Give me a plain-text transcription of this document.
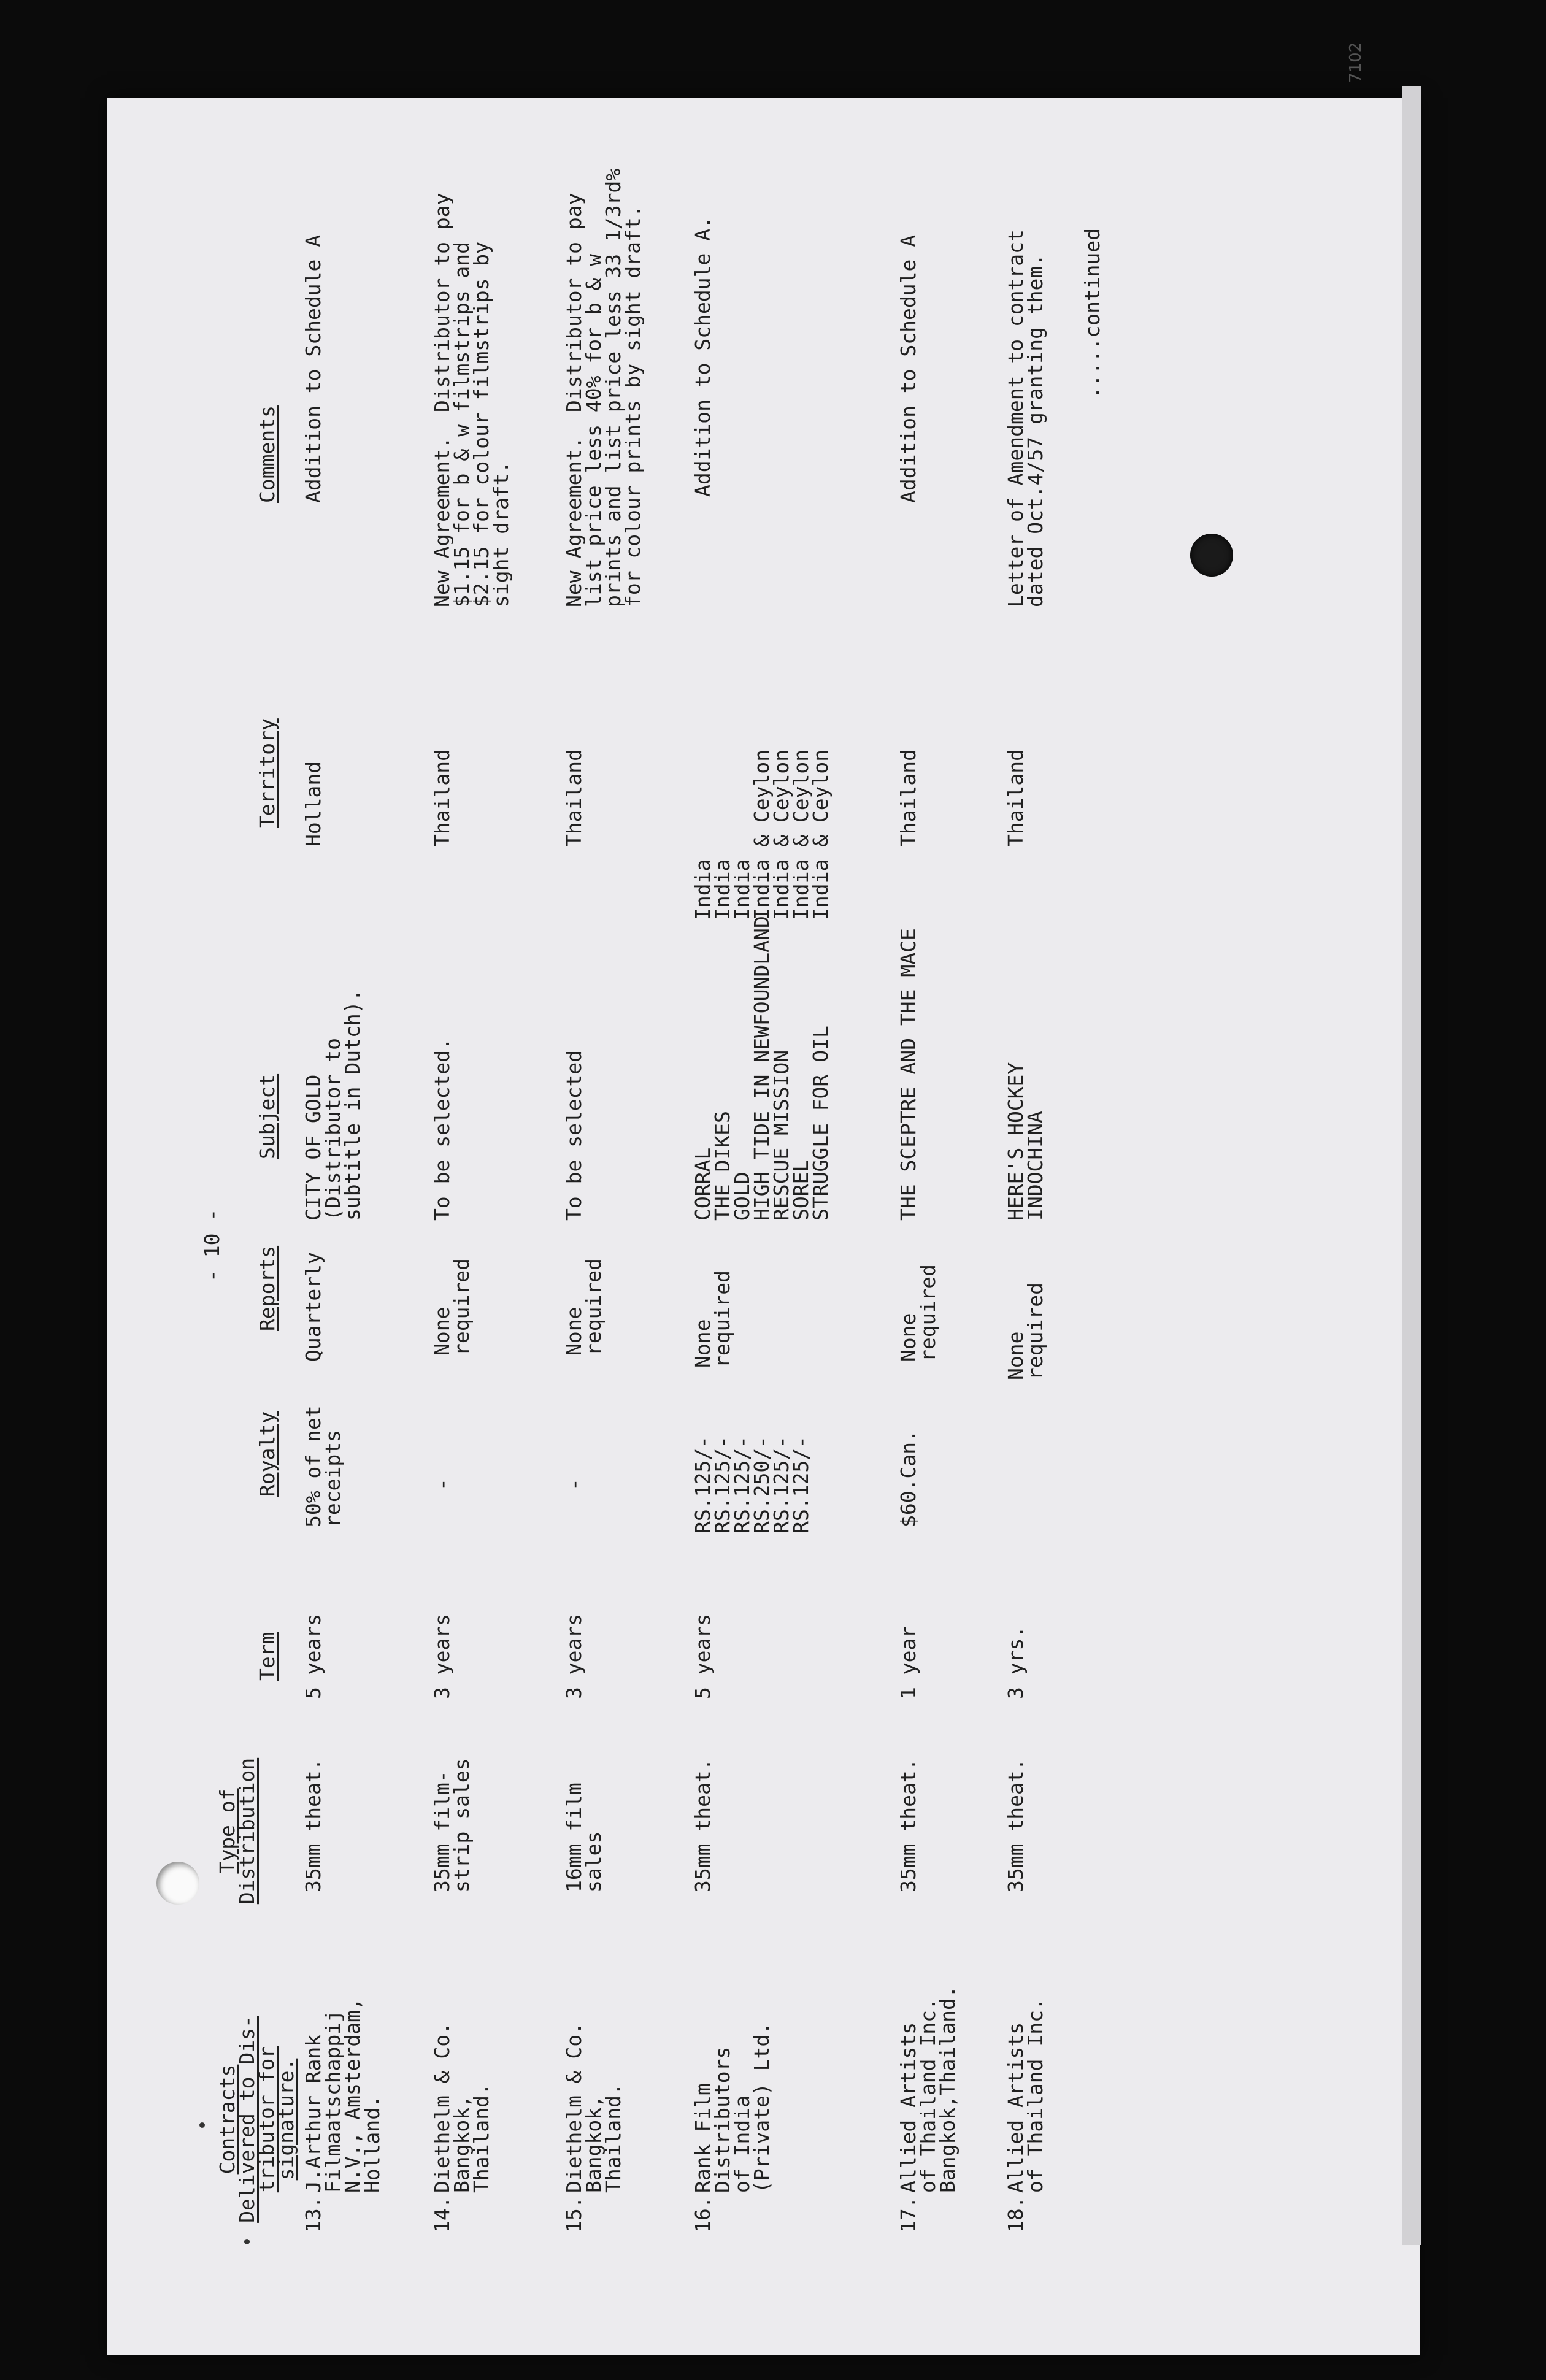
7102
- 10 -
Contracts
Delivered to Dis-
tributor for
signature.
Type of
Distribution
Term
Royalty
Reports
Subject
Territory
Comments
13.
J.Arthur Rank
Filmaatschappij
N.V., Amsterdam,
Holland.
35mm theat.
5 years
50% of net
receipts
Quarterly
CITY OF GOLD
(Distributor to
subtitle in Dutch).
Holland
Addition to Schedule A
14.
Diethelm & Co.
Bangkok,
Thailand.
35mm film-
strip sales
3 years
-
None
required
To be selected.
Thailand
New Agreement.  Distributor to pay
$1.15 for b & w filmstrips and
$2.15 for colour filmstrips by
sight draft.
15.
Diethelm & Co.
Bangkok,
Thailand.
16mm film
sales
3 years
-
None
required
To be selected
Thailand
New Agreement.  Distributor to pay
list price less 40% for b & w
prints and list price less 33 1/3rd%
for colour prints by sight draft.
16.
Rank Film
Distributors
of India
(Private) Ltd.
35mm theat.
5 years
RS.125/-
RS.125/-
RS.125/-
RS.250/-
RS.125/-
RS.125/-
None
required
CORRAL
THE DIKES
GOLD
HIGH TIDE IN NEWFOUNDLAND
RESCUE MISSION
SOREL
STRUGGLE FOR OIL
India
India
India
India & Ceylon
India & Ceylon
India & Ceylon
India & Ceylon
Addition to Schedule A.
17.
Allied Artists
of Thailand Inc.
Bangkok,Thailand.
35mm theat.
1 year
$60.Can.
None
required
THE SCEPTRE AND THE MACE
Thailand
Addition to Schedule A
18.
Allied Artists
of Thailand Inc.
35mm theat.
3 yrs.
None
required
HERE'S HOCKEY
INDOCHINA
Thailand
Letter of Amendment to contract
dated Oct.4/57 granting them. .....continued
